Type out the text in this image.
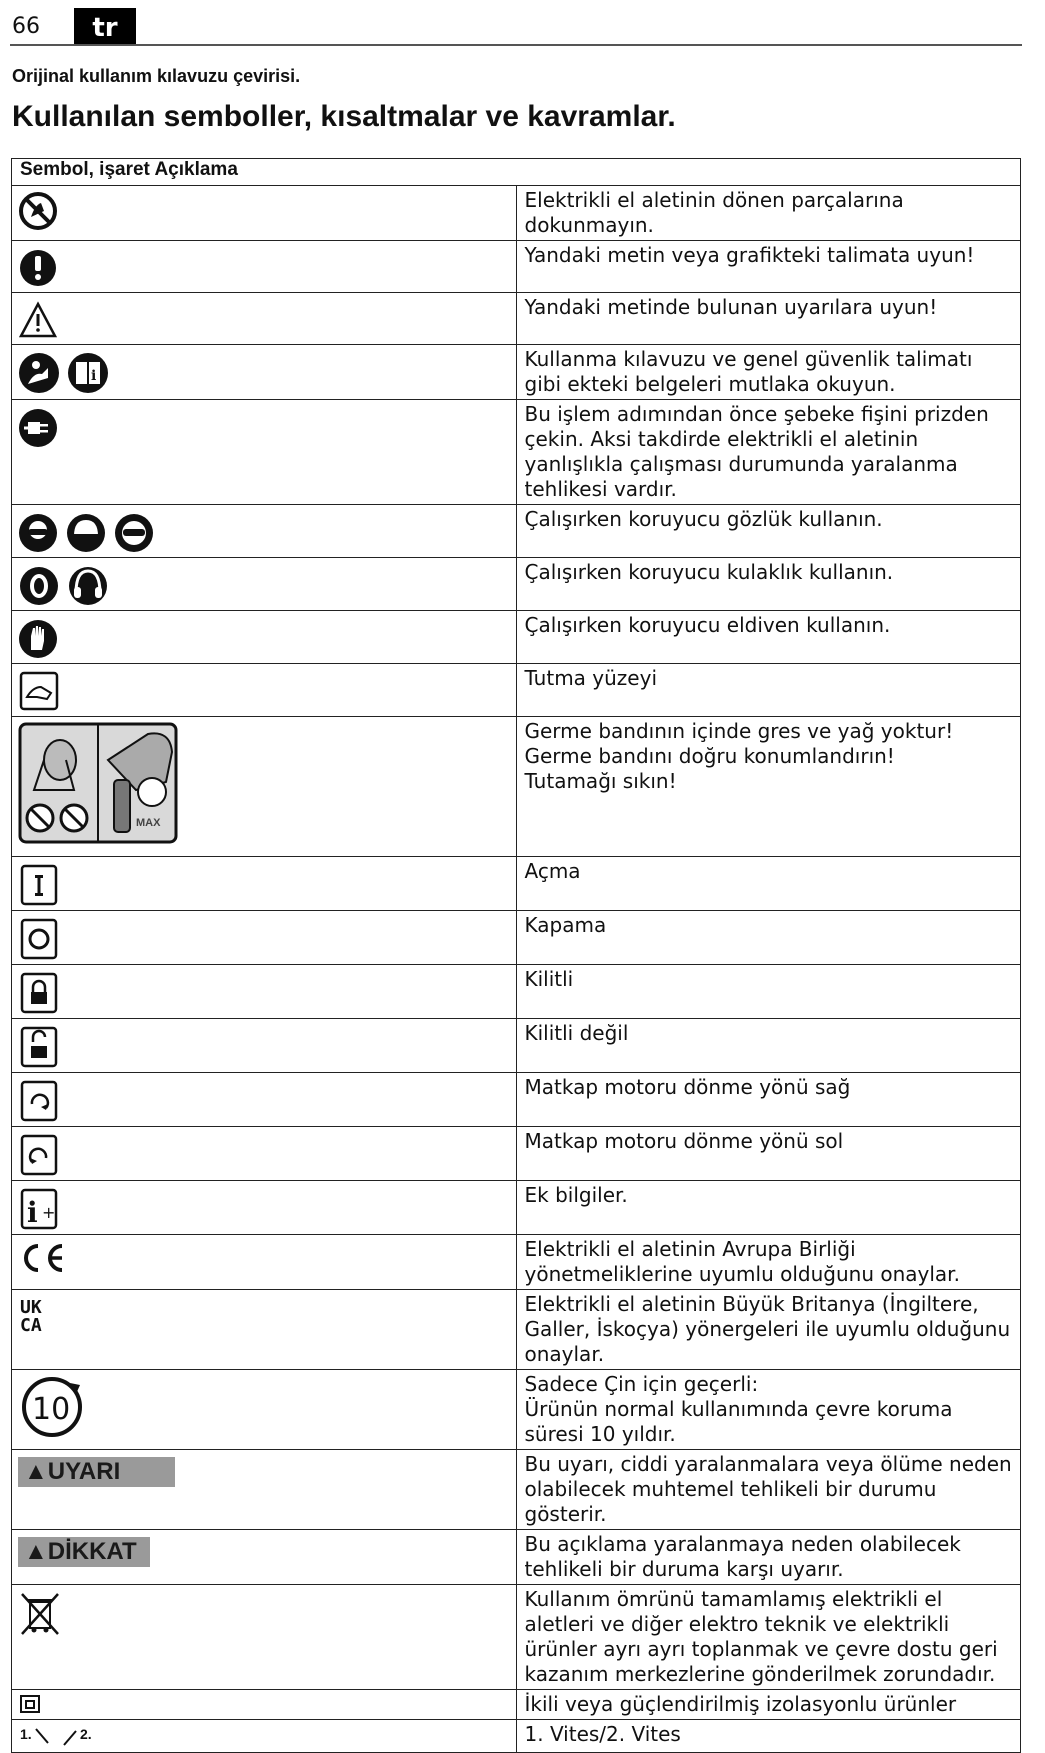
66	tr
Orijinal kullanım kılavuzu çevirisi.
Kullanılan semboller, kısaltmalar ve kavramlar.
Sembol, işaret Açıklama	

Elektrikli el aletinin dönen parçalarına dokunmayın.

Yandaki metin veya grafikteki talimata uyun!

Yandaki metinde bulunan uyarılara uyun!

i	Kullanma kılavuzu ve genel güvenlik talimatı gibi ekteki belgeleri mutlaka okuyun.

Bu işlem adımından önce şebeke fişini prizden çekin. Aksi takdirde elektrikli el aletinin yanlışlıkla çalışması durumunda yaralanma tehlikesi vardır.

Çalışırken koruyucu gözlük kullanın.

Çalışırken koruyucu kulaklık kullanın.

Çalışırken koruyucu eldiven kullanın.

Tutma yüzeyi

MAX	Germe bandının içinde gres ve yağ yoktur!
Germe bandını doğru konumlandırın!
Tutamağı sıkın!

Açma

Kapama

Kilitli

Kilitli değil

Matkap motoru dönme yönü sağ

Matkap motoru dönme yönü sol

i +	Ek bilgiler.

Elektrikli el aletinin Avrupa Birliği yönetmeliklerine uyumlu olduğunu onaylar.

UK
CA	Elektrikli el aletinin Büyük Britanya (İngiltere, Galler, İskoçya) yönergeleri ile uyumlu olduğunu onaylar.

10	Sadece Çin için geçerli:
Ürünün normal kullanımında çevre koruma süresi 10 yıldır.

▲UYARI	Bu uyarı, ciddi yaralanmalara veya ölüme neden olabilecek muhtemel tehlikeli bir durumu gösterir.

▲DİKKAT	Bu açıklama yaralanmaya neden olabilecek tehlikeli bir duruma karşı uyarır.

Kullanım ömrünü tamamlamış elektrikli el aletleri ve diğer elektro teknik ve elektrikli ürünler ayrı ayrı toplanmak ve çevre dostu geri kazanım merkezlerine gönderilmek zorundadır.

İkili veya güçlendirilmiş izolasyonlu ürünler

1. 2.	1. Vites/2. Vites
